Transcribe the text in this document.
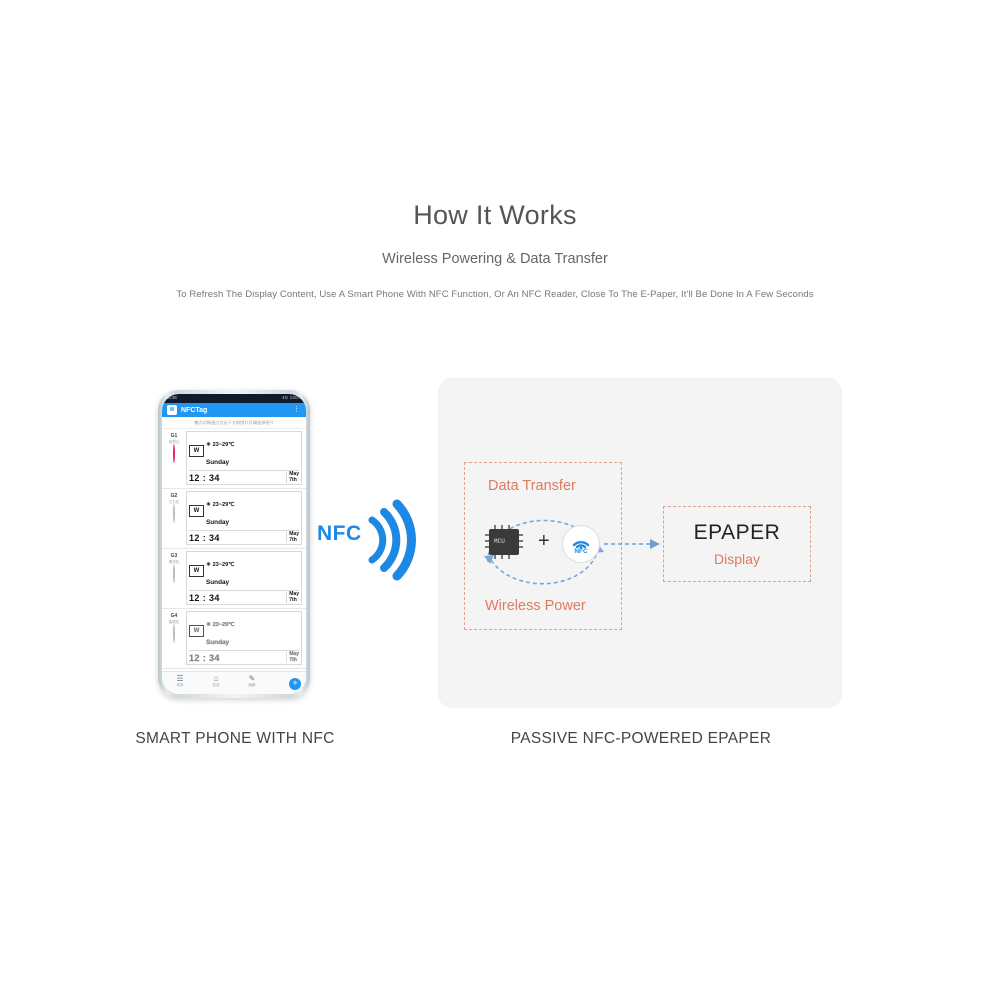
How It Works
Wireless Powering & Data Transfer
To Refresh The Display Content, Use A Smart Phone With NFC Function, Or An NFC Reader, Close To The E-Paper, It'll Be Done In A Few Seconds
08:36	4G 100%
W NFCTag	⋮
模式切换通过点击下方的图片区域选择图片
G1
纯黑白
W
☀ 23~29℃
Sunday
12 : 34	May
7th
G2
左右化
W
☀ 23~29℃
Sunday
12 : 34	May
7th
G3
模块化
W
☀ 23~29℃
Sunday
12 : 34	May
7th
G4
素描化
W
☀ 23~29℃
Sunday
12 : 34	May
7th
☰
菜单
⌂
首页
✎
编辑	+
NFC
Data Transfer
Wireless Power
MCU +	NFC
EPAPER
Display
SMART PHONE WITH NFC	PASSIVE NFC-POWERED EPAPER
